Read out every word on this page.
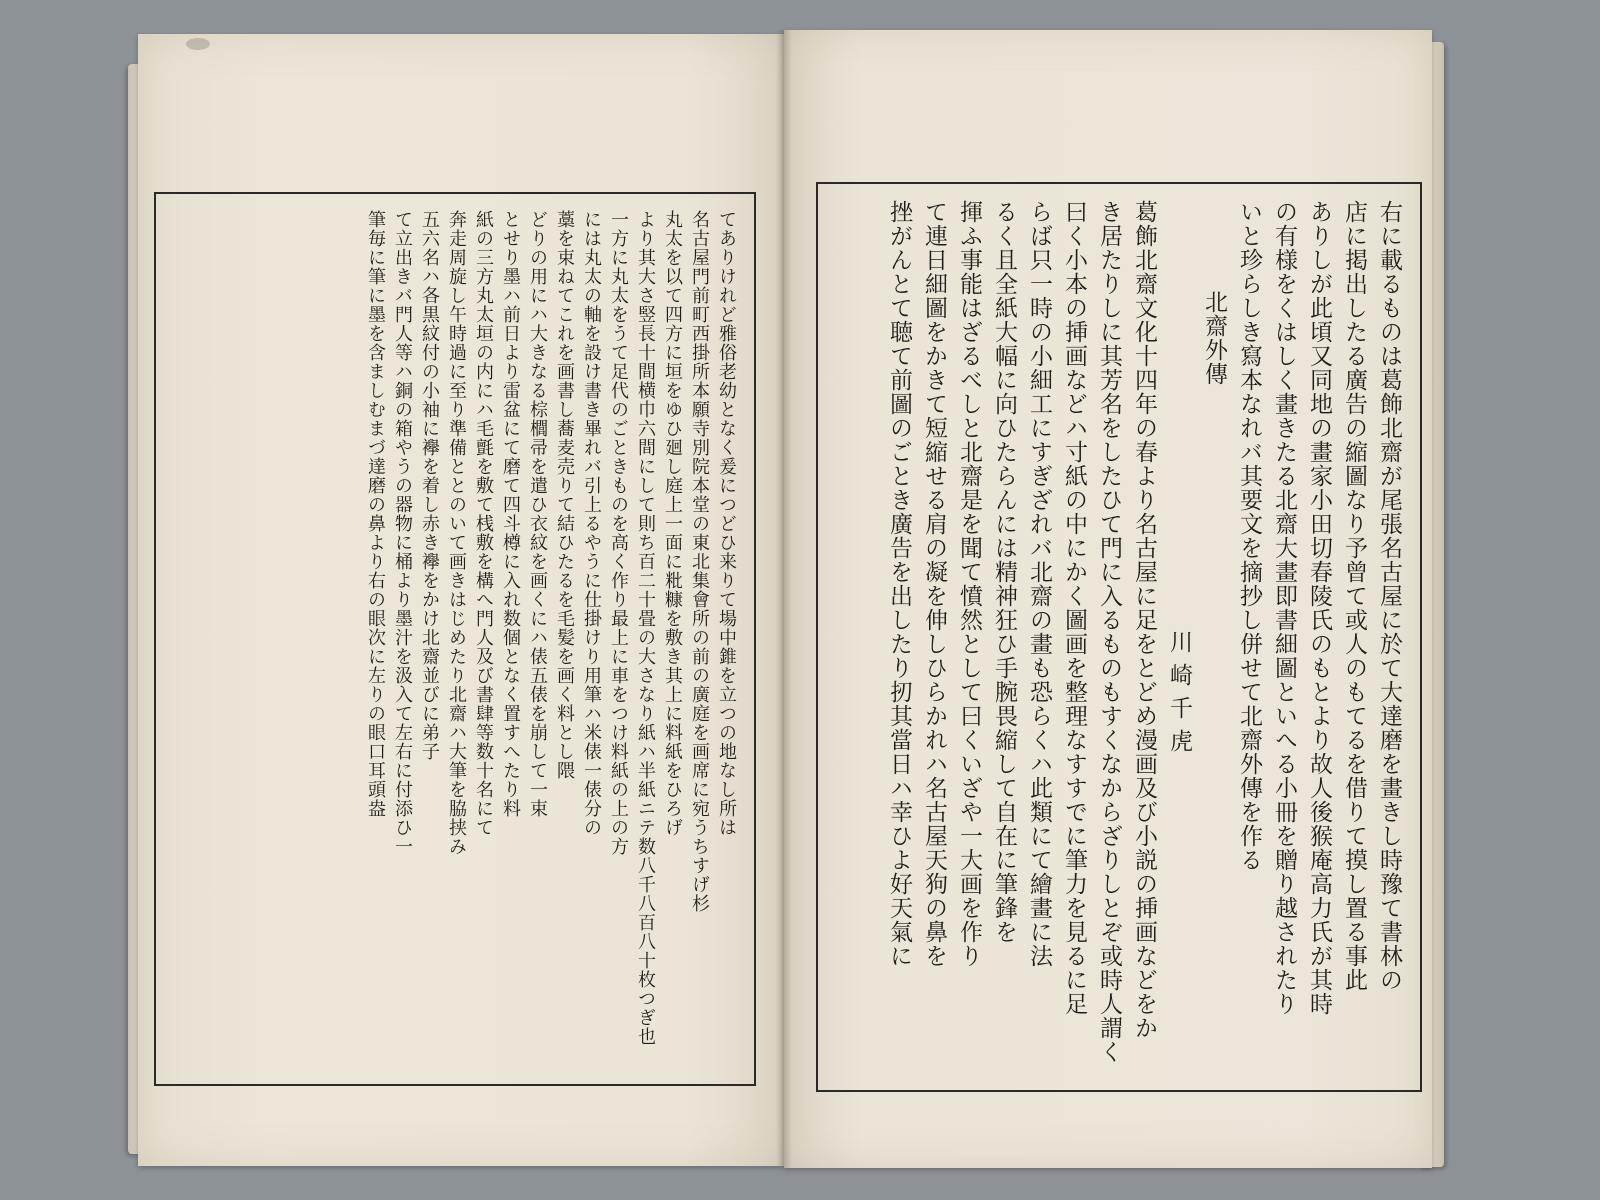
右に載るものは葛飾北齋が尾張名古屋に於て大達磨を畫きし時豫て書林の
店に掲出したる廣告の縮圖なり予曾て或人のもてるを借りて摸し置る事此
ありしが此頃又同地の畫家小田切春陵氏のもとより故人後猴庵高力氏が其時
の有様をくはしく畫きたる北齋大畫即書細圖といへる小冊を贈り越されたり
いと珍らしき寫本なれバ其要文を摘抄し併せて北齋外傳を作る
北齋外傳
川崎千虎
葛飾北齋文化十四年の春より名古屋に足をとどめ漫画及び小説の挿画などをか
き居たりしに其芳名をしたひて門に入るものもすくなからざりしとぞ或時人謂く
曰く小本の挿画などハ寸紙の中にかく圖画を整理なすすでに筆力を見るに足
らば只一時の小細工にすぎざれバ北齋の畫も恐らくハ此類にて繪畫に法
るく且全紙大幅に向ひたらんには精神狂ひ手腕畏縮して自在に筆鋒を
揮ふ事能はざるべしと北齋是を聞て憤然として曰くいざや一大画を作り
て連日細圖をかきて短縮せる肩の凝を伸しひらかれハ名古屋天狗の鼻を
挫がんとて聴て前圖のごとき廣告を出したり扨其當日ハ幸ひよ好天氣に
てありけれど雅俗老幼となく爰につどひ来りて場中錐を立つの地なし所は
名古屋門前町西掛所本願寺別院本堂の東北集會所の前の廣庭を画席に宛うちすげ杉
丸太を以て四方に垣をゆひ廻し庭上一面に粃糠を敷き其上に料紙をひろげ
より其大さ竪長十間横巾六間にして則ち百二十畳の大さなり紙ハ半紙ニテ数八千八百八十枚つぎ也
一方に丸太をうて足代のごときものを高く作り最上に車をつけ料紙の上の方
には丸太の軸を設け書き畢れバ引上るやうに仕掛けり用筆ハ米俵一俵分の
藁を束ねてこれを画書し蕎麦売りて結ひたるを毛髪を画く料とし隈
どりの用にハ大きなる棕櫚帚を遣ひ衣紋を画くにハ俵五俵を崩して一束
とせり墨ハ前日より雷盆にて磨て四斗樽に入れ数個となく置すへたり料
紙の三方丸太垣の内にハ毛氈を敷て桟敷を構へ門人及び書肆等数十名にて
奔走周旋し午時過に至り準備ととのいて画きはじめたり北齋ハ大筆を脇挟み
五六名ハ各黒紋付の小袖に襷を着し赤き襷をかけ北齋並びに弟子
て立出きバ門人等ハ銅の箱やうの器物に桶より墨汁を汲入て左右に付添ひ一
筆毎に筆に墨を含ましむまづ達磨の鼻より右の眼次に左りの眼口耳頭盎
